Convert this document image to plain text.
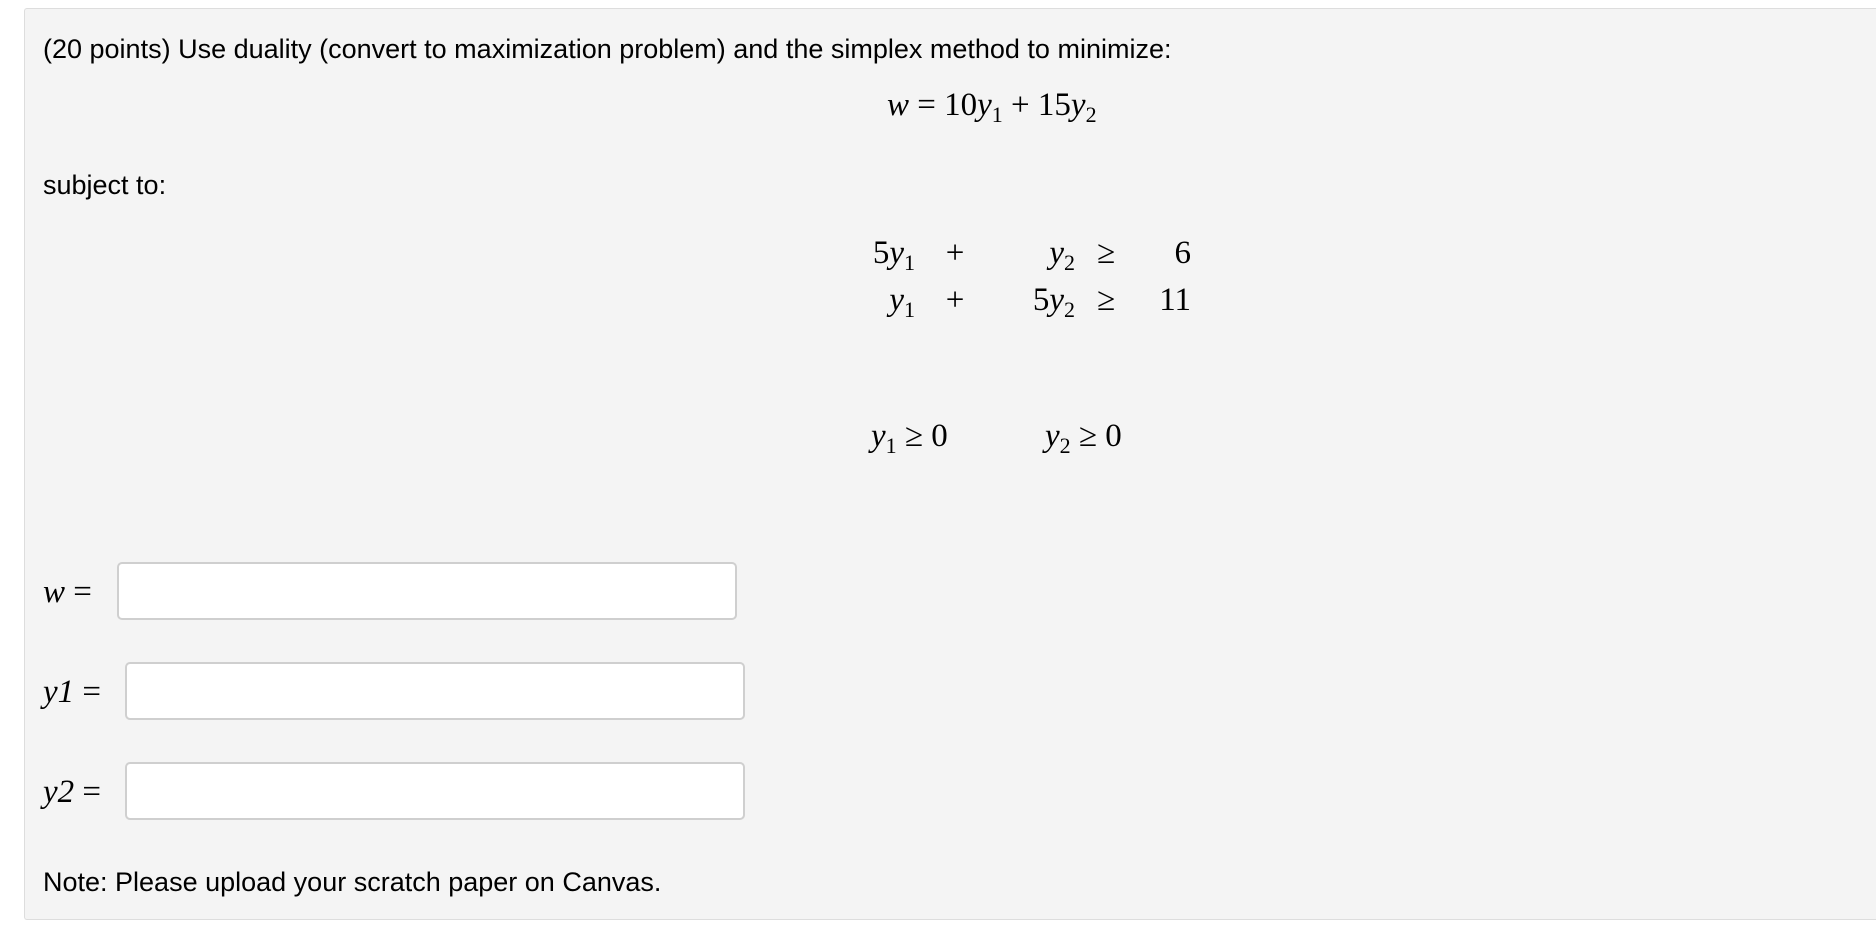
(20 points) Use duality (convert to maximization problem) and the simplex method to minimize:
$w = 10y_1 + 15y_2$
subject to:
$5y_1$ +	$y_2$ ≥	6
$y_1$ +	$5y_2$ ≥	11
$y_1 \ge 0$	$y_2 \ge 0$
w =
y1 =
y2 =
Note: Please upload your scratch paper on Canvas.
